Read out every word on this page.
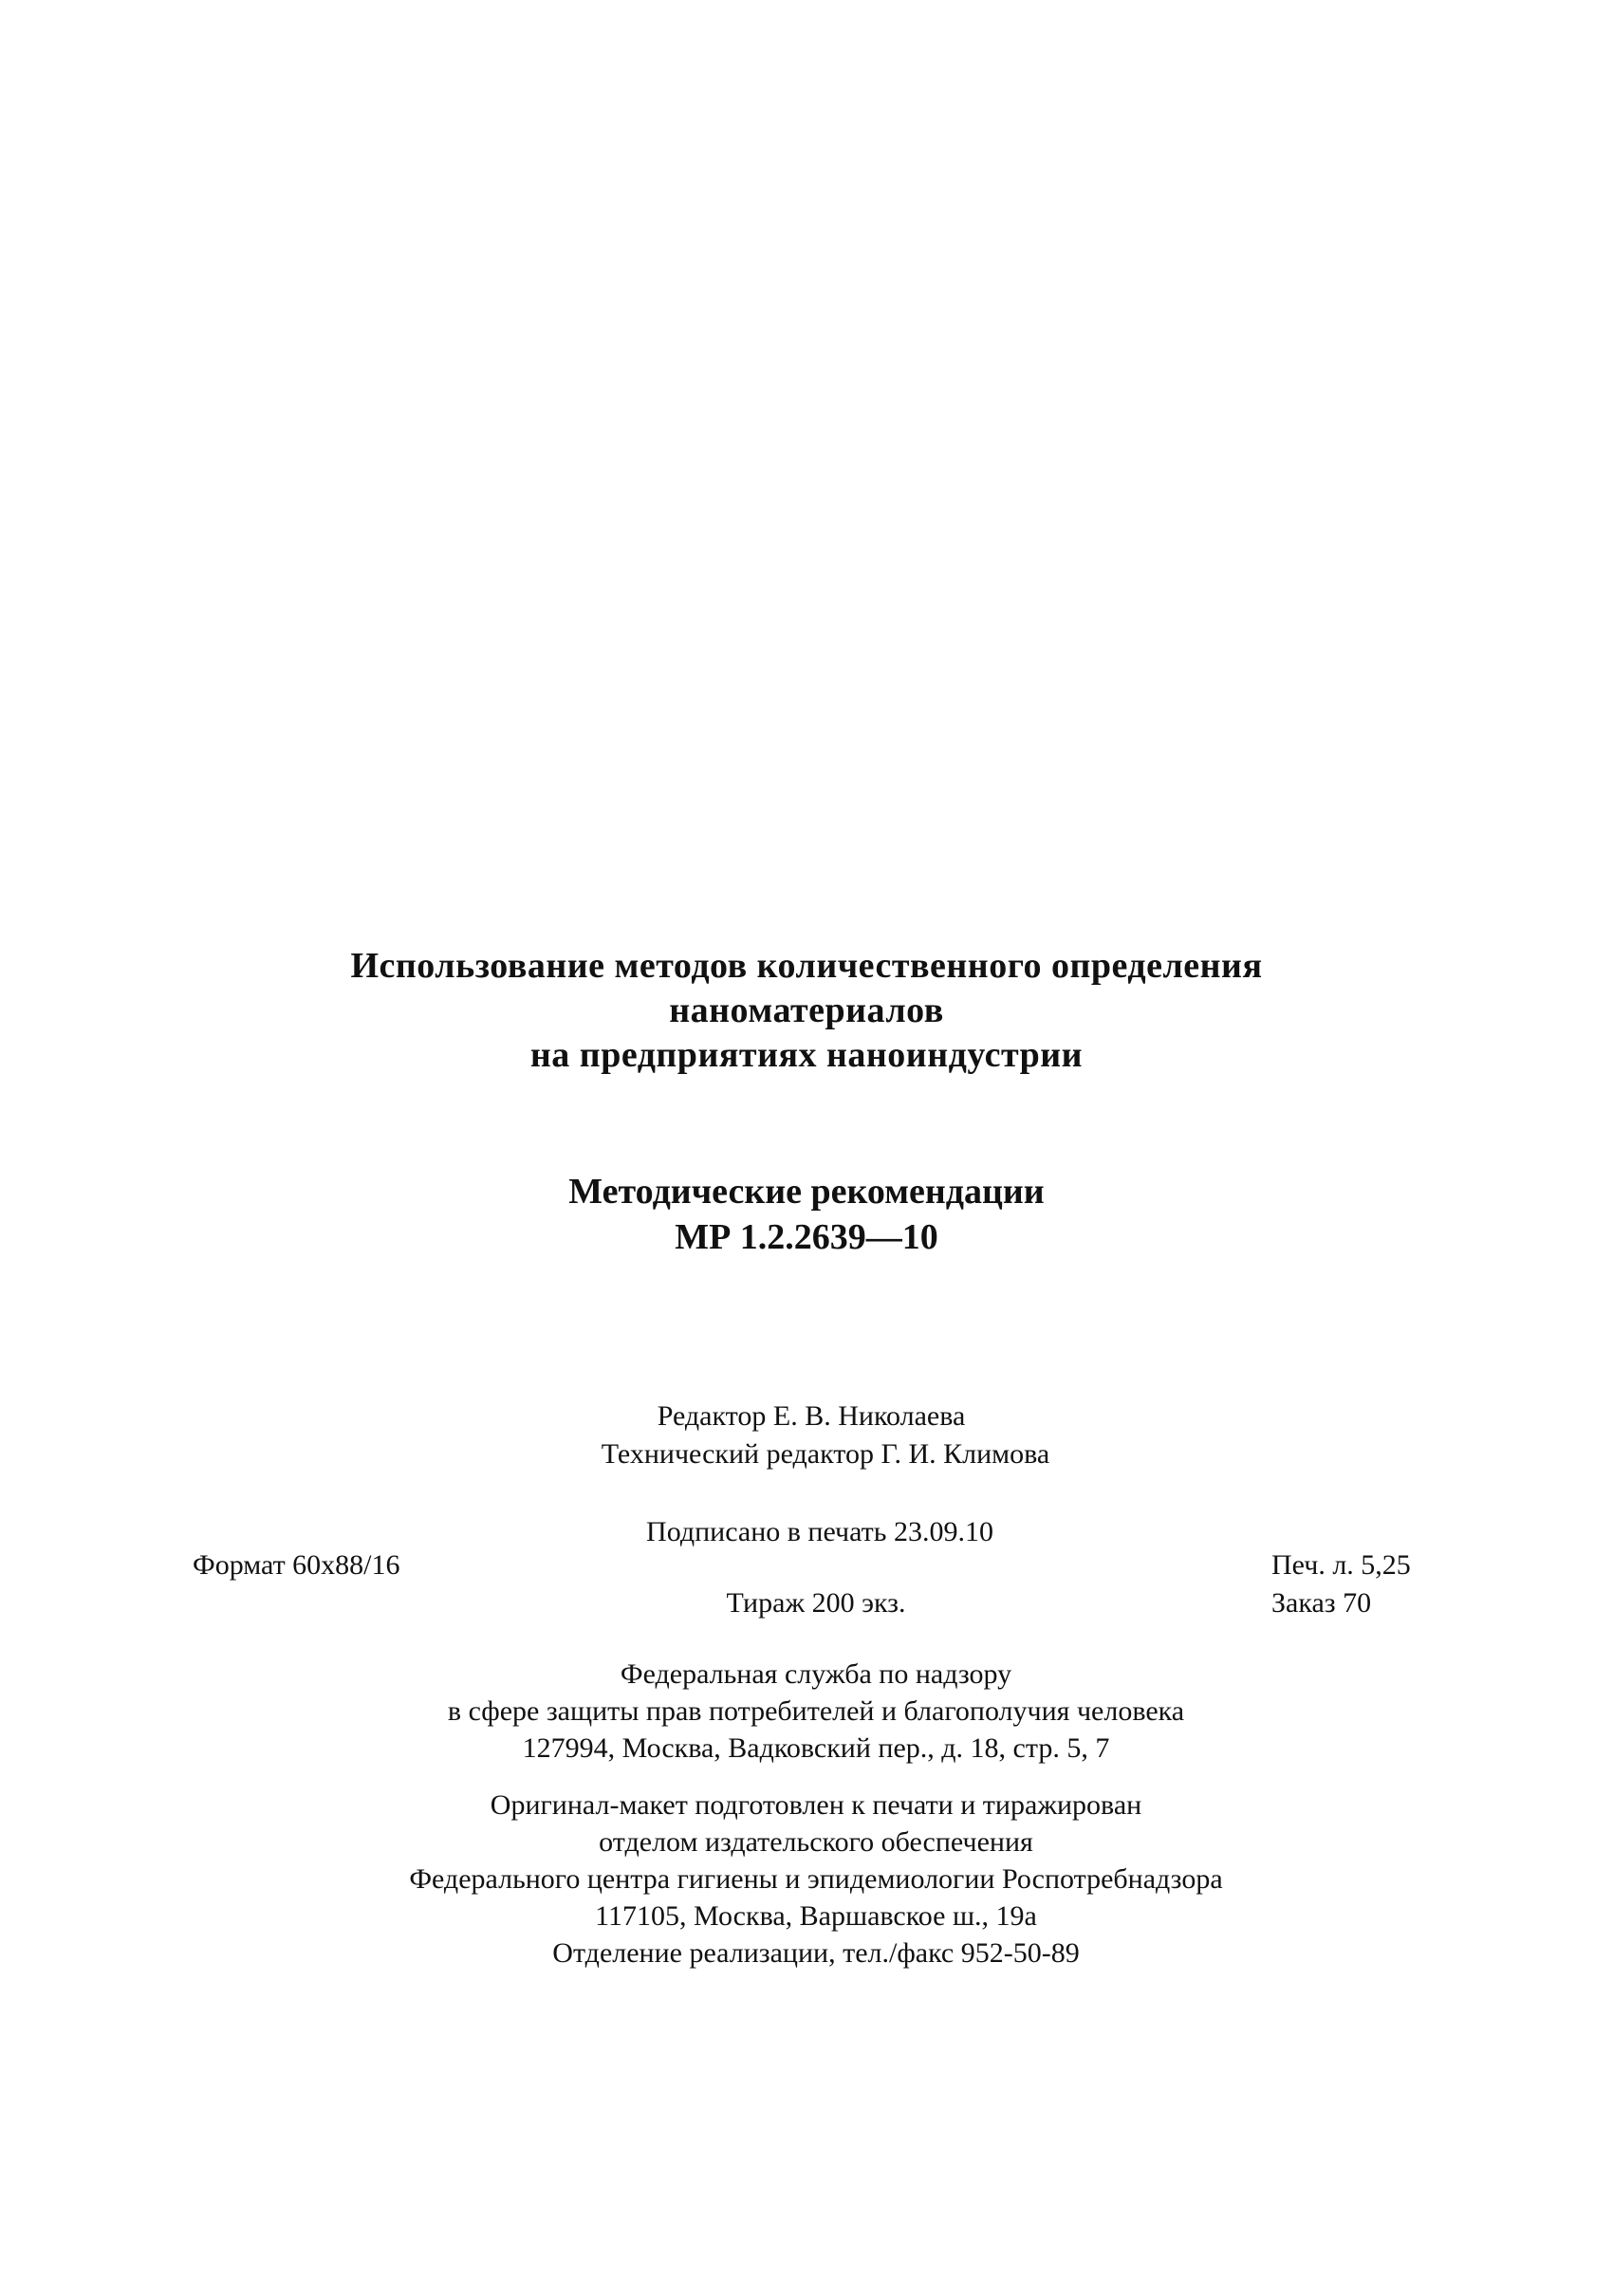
Использование методов количественного определения
наноматериалов
на предприятиях наноиндустрии
Методические рекомендации
МР 1.2.2639—10
Редактор Е. В. Николаева
Технический редактор Г. И. Климова
Подписано в печать 23.09.10
Формат 60x88/16	Печ. л. 5,25
Тираж 200 экз.	Заказ 70
Федеральная служба по надзору
в сфере защиты прав потребителей и благополучия человека
127994, Москва, Вадковский пер., д. 18, стр. 5, 7
Оригинал-макет подготовлен к печати и тиражирован
отделом издательского обеспечения
Федерального центра гигиены и эпидемиологии Роспотребнадзора
117105, Москва, Варшавское ш., 19а
Отделение реализации, тел./факс 952-50-89
